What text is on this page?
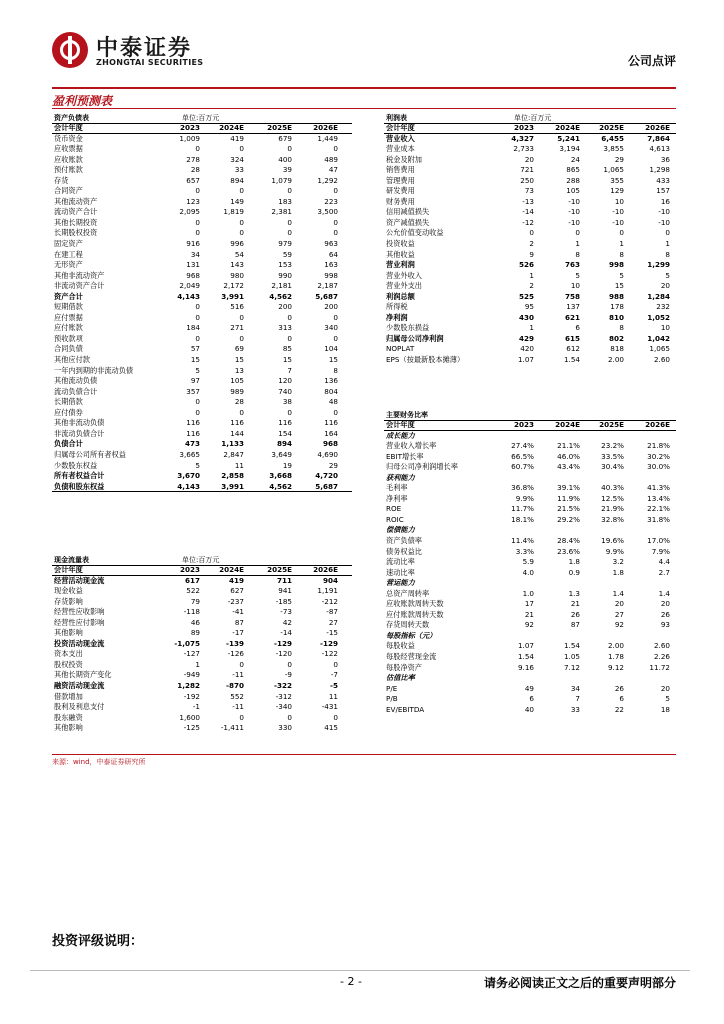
中泰证券
ZHONGTAI SECURITIES	公司点评
盈利预测表
资产负债表	单位:百万元
会计年度	2023	2024E	2025E	2026E
货币资金	1,009	419	679	1,449
应收票据	0	0	0	0
应收账款	278	324	400	489
预付账款	28	33	39	47
存货	657	894	1,079	1,292
合同资产	0	0	0	0
其他流动资产	123	149	183	223
流动资产合计	2,095	1,819	2,381	3,500
其他长期投资	0	0	0	0
长期股权投资	0	0	0	0
固定资产	916	996	979	963
在建工程	34	54	59	64
无形资产	131	143	153	163
其他非流动资产	968	980	990	998
非流动资产合计	2,049	2,172	2,181	2,187
资产合计	4,143	3,991	4,562	5,687
短期借款	0	516	200	200
应付票据	0	0	0	0
应付账款	184	271	313	340
预收款项	0	0	0	0
合同负债	57	69	85	104
其他应付款	15	15	15	15
一年内到期的非流动负债	5	13	7	8
其他流动负债	97	105	120	136
流动负债合计	357	989	740	804
长期借款	0	28	38	48
应付债券	0	0	0	0
其他非流动负债	116	116	116	116
非流动负债合计	116	144	154	164
负债合计	473	1,133	894	968
归属母公司所有者权益	3,665	2,847	3,649	4,690
少数股东权益	5	11	19	29
所有者权益合计	3,670	2,858	3,668	4,720
负债和股东权益	4,143	3,991	4,562	5,687
现金流量表	单位:百万元
会计年度	2023	2024E	2025E	2026E
经营活动现金流	617	419	711	904
现金收益	522	627	941	1,191
存货影响	79	-237	-185	-212
经营性应收影响	-118	-41	-73	-87
经营性应付影响	46	87	42	27
其他影响	89	-17	-14	-15
投资活动现金流	-1,075	-139	-129	-129
资本支出	-127	-126	-120	-122
股权投资	1	0	0	0
其他长期资产变化	-949	-11	-9	-7
融资活动现金流	1,282	-870	-322	-5
借款增加	-192	552	-312	11
股利及利息支付	-1	-11	-340	-431
股东融资	1,600	0	0	0
其他影响	-125	-1,411	330	415
利润表	单位:百万元
会计年度	2023	2024E	2025E	2026E
营业收入	4,327	5,241	6,455	7,864
营业成本	2,733	3,194	3,855	4,613
税金及附加	20	24	29	36
销售费用	721	865	1,065	1,298
管理费用	250	288	355	433
研发费用	73	105	129	157
财务费用	-13	-10	10	16
信用减值损失	-14	-10	-10	-10
资产减值损失	-12	-10	-10	-10
公允价值变动收益	0	0	0	0
投资收益	2	1	1	1
其他收益	9	8	8	8
营业利润	526	763	998	1,299
营业外收入	1	5	5	5
营业外支出	2	10	15	20
利润总额	525	758	988	1,284
所得税	95	137	178	232
净利润	430	621	810	1,052
少数股东损益	1	6	8	10
归属母公司净利润	429	615	802	1,042
NOPLAT	420	612	818	1,065
EPS（按最新股本摊薄）	1.07	1.54	2.00	2.60
主要财务比率
会计年度	2023	2024E	2025E	2026E
成长能力
营业收入增长率	27.4%	21.1%	23.2%	21.8%
EBIT增长率	66.5%	46.0%	33.5%	30.2%
归母公司净利润增长率	60.7%	43.4%	30.4%	30.0%
获利能力
毛利率	36.8%	39.1%	40.3%	41.3%
净利率	9.9%	11.9%	12.5%	13.4%
ROE	11.7%	21.5%	21.9%	22.1%
ROIC	18.1%	29.2%	32.8%	31.8%
偿债能力
资产负债率	11.4%	28.4%	19.6%	17.0%
债务权益比	3.3%	23.6%	9.9%	7.9%
流动比率	5.9	1.8	3.2	4.4
速动比率	4.0	0.9	1.8	2.7
营运能力
总资产周转率	1.0	1.3	1.4	1.4
应收账款周转天数	17	21	20	20
应付账款周转天数	21	26	27	26
存货周转天数	92	87	92	93
每股指标（元）
每股收益	1.07	1.54	2.00	2.60
每股经营现金流	1.54	1.05	1.78	2.26
每股净资产	9.16	7.12	9.12	11.72
估值比率
P/E	49	34	26	20
P/B	6	7	6	5
EV/EBITDA	40	33	22	18
来源：wind，中泰证券研究所
投资评级说明：
- 2 -	请务必阅读正文之后的重要声明部分
